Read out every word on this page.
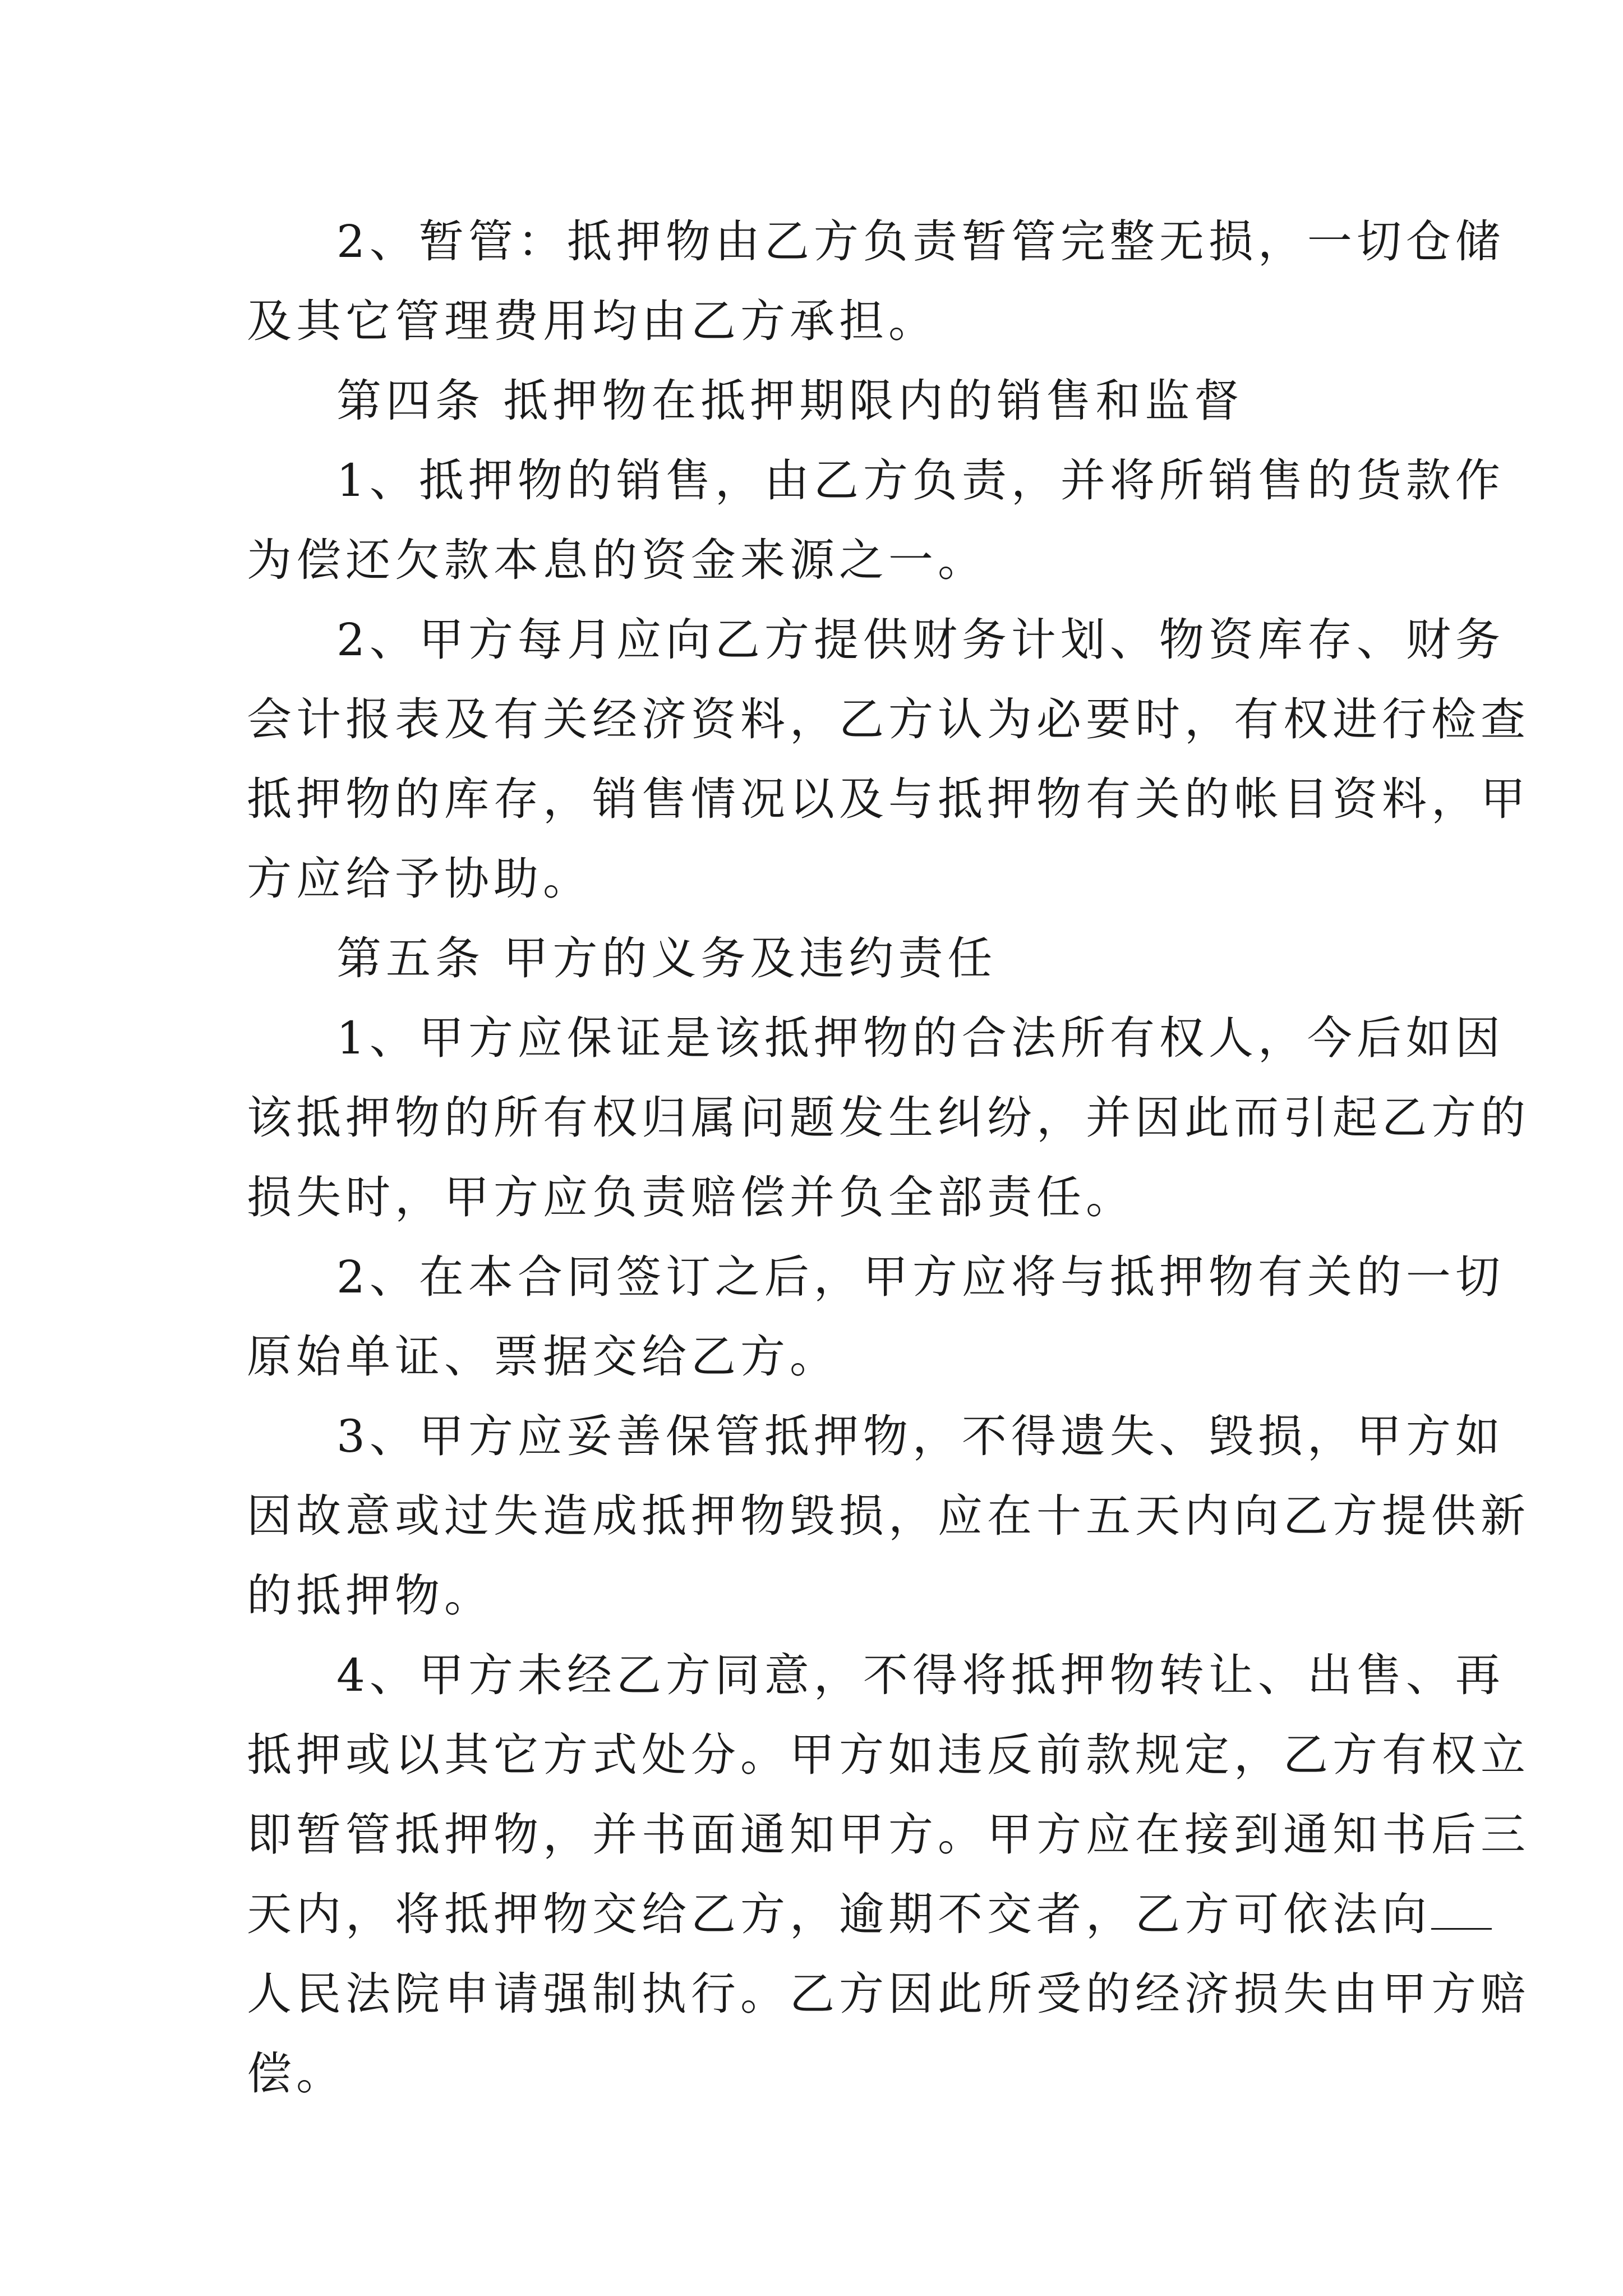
2、暂管：抵押物由乙方负责暂管完整无损，一切仓储
及其它管理费用均由乙方承担。
第四条 抵押物在抵押期限内的销售和监督
1、抵押物的销售，由乙方负责，并将所销售的货款作
为偿还欠款本息的资金来源之一。
2、甲方每月应向乙方提供财务计划、物资库存、财务
会计报表及有关经济资料，乙方认为必要时，有权进行检查
抵押物的库存，销售情况以及与抵押物有关的帐目资料，甲
方应给予协助。
第五条 甲方的义务及违约责任
1、甲方应保证是该抵押物的合法所有权人，今后如因
该抵押物的所有权归属问题发生纠纷，并因此而引起乙方的
损失时，甲方应负责赔偿并负全部责任。
2、在本合同签订之后，甲方应将与抵押物有关的一切
原始单证、票据交给乙方。
3、甲方应妥善保管抵押物，不得遗失、毁损，甲方如
因故意或过失造成抵押物毁损，应在十五天内向乙方提供新
的抵押物。
4、甲方未经乙方同意，不得将抵押物转让、出售、再
抵押或以其它方式处分。甲方如违反前款规定，乙方有权立
即暂管抵押物，并书面通知甲方。甲方应在接到通知书后三
天内，将抵押物交给乙方，逾期不交者，乙方可依法向
人民法院申请强制执行。乙方因此所受的经济损失由甲方赔
偿。
